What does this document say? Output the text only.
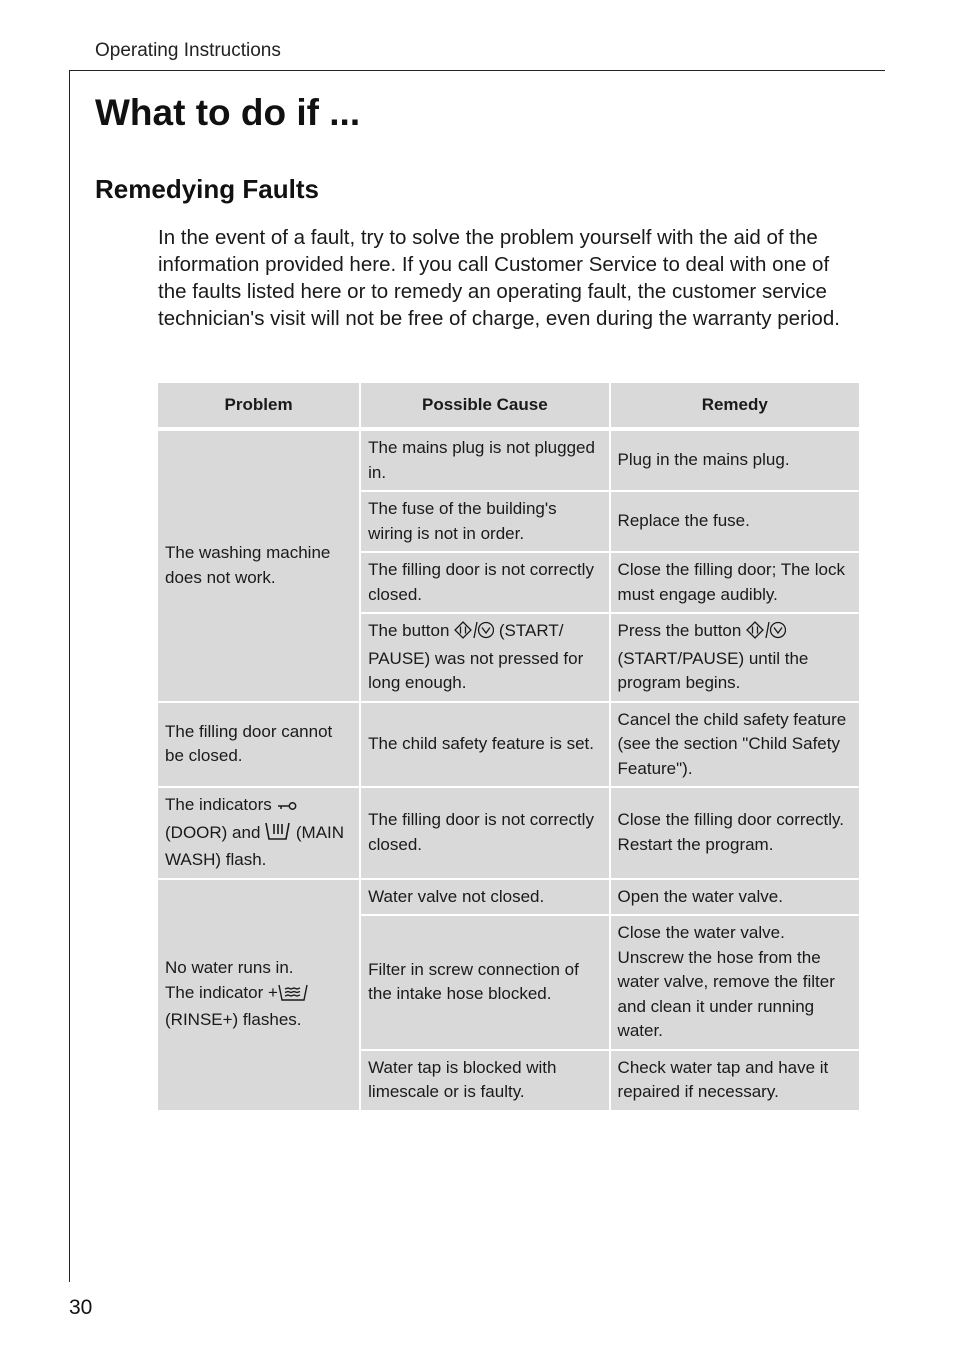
Operating Instructions
What to do if ...
Remedying Faults

In the event of a fault, try to solve the problem yourself with the aid of the information provided here. If you call Customer Service to deal with one of the faults listed here or to remedy an operating fault, the customer service technician's visit will not be free of charge, even during the warranty period.

Problem	Possible Cause	Remedy

The washing machine does not work.	The mains plug is not plugged in.	Plug in the mains plug.
	The fuse of the building's wiring is not in order.	Replace the fuse.
	The filling door is not correctly closed.	Close the filling door; The lock must engage audibly.
	The button (START/ PAUSE) was not pressed for long enough.	Press the button  (START/PAUSE) until the program begins.
The filling door cannot be closed.	The child safety feature is set.	Cancel the child safety feature (see the section "Child Safety Feature").
The indicators  (DOOR) and (MAIN WASH) flash.	The filling door is not correctly closed.	Close the filling door correctly. Restart the program.

No water runs in.
The indicator +
(RINSE+) flashes.	Water valve not closed.	Open the water valve.
	Filter in screw connection of the intake hose blocked.	Close the water valve. Unscrew the hose from the water valve, remove the filter and clean it under running water.
	Water tap is blocked with limescale or is faulty.	Check water tap and have it repaired if necessary.
30
